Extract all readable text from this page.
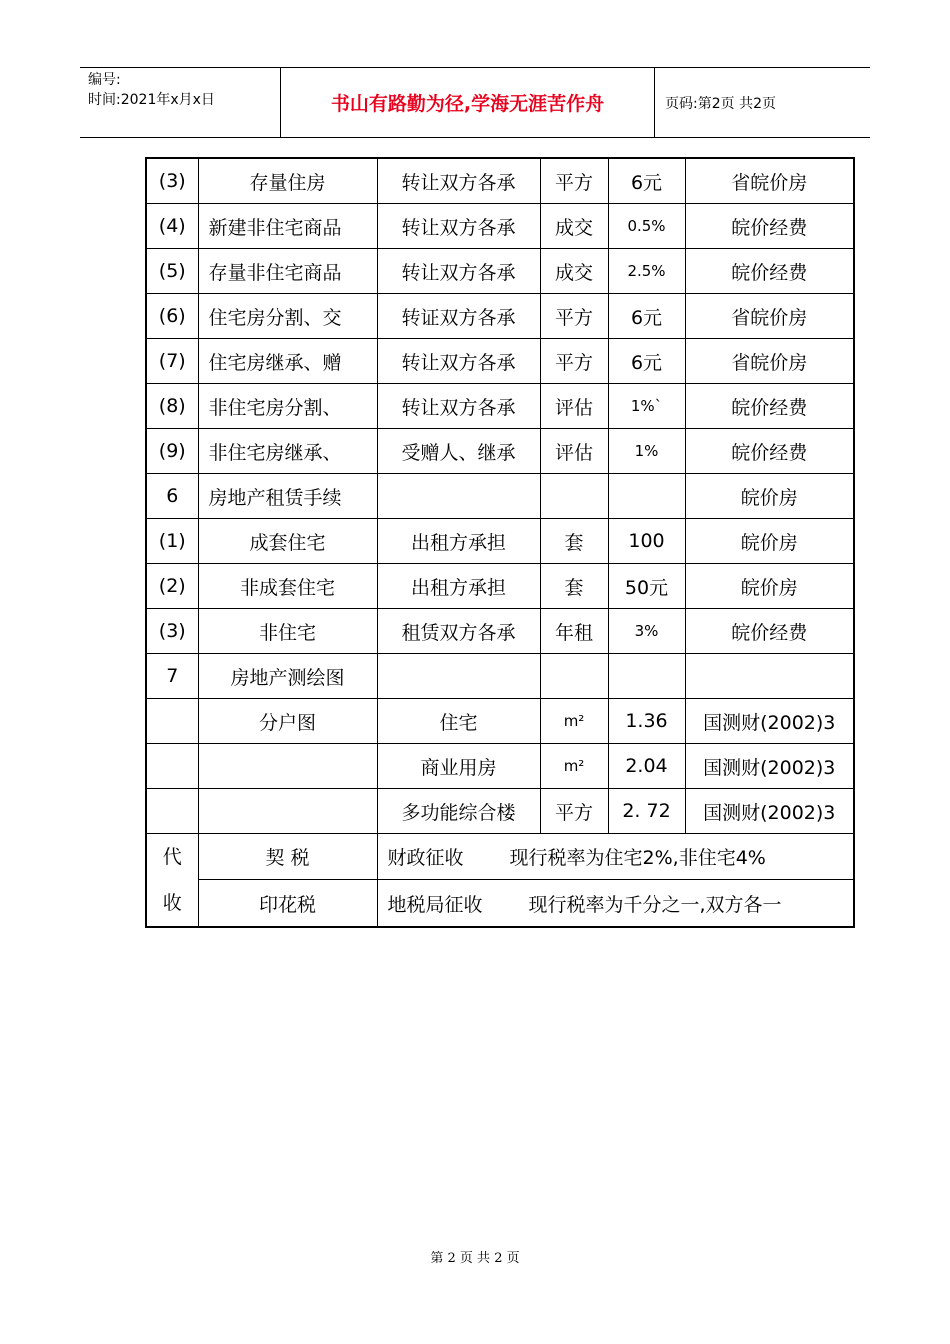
编号:
时间:2021年x月x日	书山有路勤为径,学海无涯苦作舟	页码:第2页 共2页
(3)	存量住房	转让双方各承	平方	6元	省皖价房
(4)	新建非住宅商品	转让双方各承	成交	0.5%	皖价经费
(5)	存量非住宅商品	转让双方各承	成交	2.5%	皖价经费
(6)	住宅房分割、交	转证双方各承	平方	6元	省皖价房
(7)	住宅房继承、赠	转让双方各承	平方	6元	省皖价房
(8)	非住宅房分割、	转让双方各承	评估	1%`	皖价经费
(9)	非住宅房继承、	受赠人、继承	评估	1%	皖价经费
6	房地产租赁手续				皖价房
(1)	成套住宅	出租方承担	套	100	皖价房
(2)	非成套住宅	出租方承担	套	50元	皖价房
(3)	非住宅	租赁双方各承	年租	3%	皖价经费
7	房地产测绘图				
	分户图	住宅	m²	1.36	国测财(2002)3
		商业用房	m²	2.04	国测财(2002)3
		多功能综合楼	平方	2. 72	国测财(2002)3
代
收	契 税	财政征收 现行税率为住宅2%,非住宅4%			
	印花税	地税局征收 现行税率为千分之一,双方各一			
第 2 页 共 2 页
